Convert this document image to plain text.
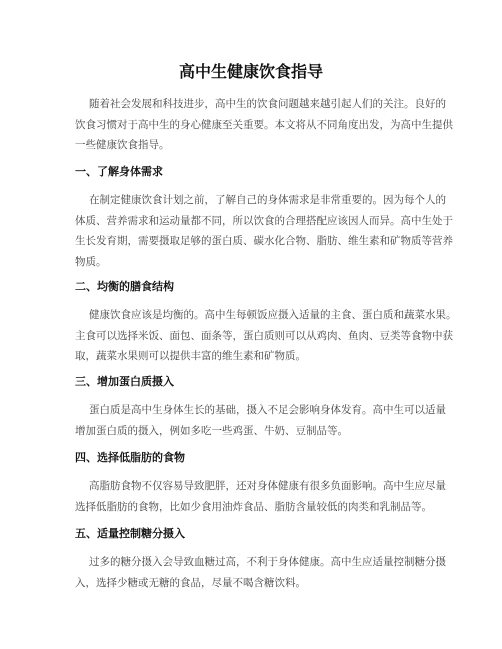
高中生健康饮食指导
随着社会发展和科技进步，高中生的饮食问题越来越引起人们的关注。良好的
饮食习惯对于高中生的身心健康至关重要。本文将从不同角度出发，为高中生提供
一些健康饮食指导。
一、了解身体需求
在制定健康饮食计划之前，了解自己的身体需求是非常重要的。因为每个人的
体质、营养需求和运动量都不同，所以饮食的合理搭配应该因人而异。高中生处于
生长发育期，需要摄取足够的蛋白质、碳水化合物、脂肪、维生素和矿物质等营养
物质。
二、均衡的膳食结构
健康饮食应该是均衡的。高中生每顿饭应摄入适量的主食、蛋白质和蔬菜水果。
主食可以选择米饭、面包、面条等，蛋白质则可以从鸡肉、鱼肉、豆类等食物中获
取，蔬菜水果则可以提供丰富的维生素和矿物质。
三、增加蛋白质摄入
蛋白质是高中生身体生长的基础，摄入不足会影响身体发育。高中生可以适量
增加蛋白质的摄入，例如多吃一些鸡蛋、牛奶、豆制品等。
四、选择低脂肪的食物
高脂肪食物不仅容易导致肥胖，还对身体健康有很多负面影响。高中生应尽量
选择低脂肪的食物，比如少食用油炸食品、脂肪含量较低的肉类和乳制品等。
五、适量控制糖分摄入
过多的糖分摄入会导致血糖过高，不利于身体健康。高中生应适量控制糖分摄
入，选择少糖或无糖的食品，尽量不喝含糖饮料。
